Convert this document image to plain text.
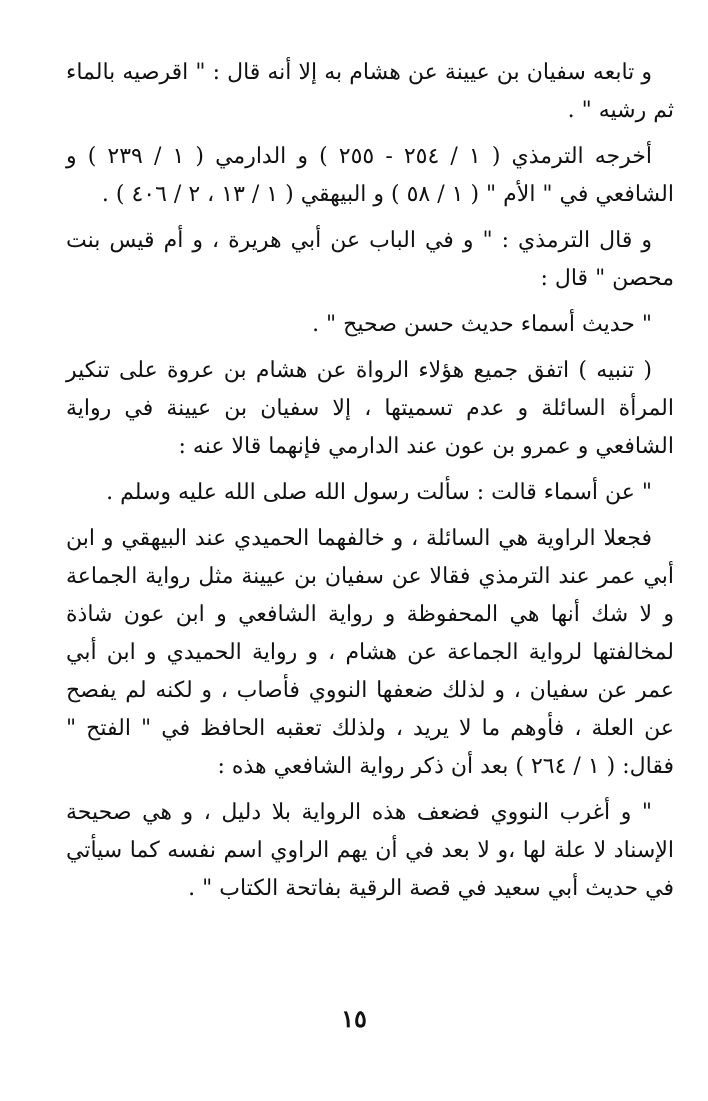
و تابعه سفيان بن عيينة عن هشام به إلا أنه قال : " اقرصيه بالماء ثم رشيه " .

أخرجه الترمذي ( ١ / ٢٥٤ - ٢٥٥ ) و الدارمي ( ١ / ٢٣٩ ) و الشافعي في " الأم " ( ١ / ٥٨ ) و البيهقي ( ١ / ١٣ ، ٢ / ٤٠٦ ) .

و قال الترمذي : " و في الباب عن أبي هريرة ، و أم قيس بنت محصن " قال :

" حديث أسماء حديث حسن صحيح " .

( تنبيه ) اتفق جميع هؤلاء الرواة عن هشام بن عروة على تنكير المرأة السائلة و عدم تسميتها ، إلا سفيان بن عيينة في رواية الشافعي و عمرو بن عون عند الدارمي فإنهما قالا عنه :

" عن أسماء قالت : سألت رسول الله صلى الله عليه وسلم .

فجعلا الراوية هي السائلة ، و خالفهما الحميدي عند البيهقي و ابن أبي عمر عند الترمذي فقالا عن سفيان بن عيينة مثل رواية الجماعة و لا شك أنها هي المحفوظة و رواية الشافعي و ابن عون شاذة لمخالفتها لرواية الجماعة عن هشام ، و رواية الحميدي و ابن أبي عمر عن سفيان ، و لذلك ضعفها النووي فأصاب ، و لكنه لم يفصح عن العلة ، فأوهم ما لا يريد ، ولذلك تعقبه الحافظ في " الفتح " فقال: ( ١ / ٢٦٤ ) بعد أن ذكر رواية الشافعي هذه :

" و أغرب النووي فضعف هذه الرواية بلا دليل ، و هي صحيحة الإسناد لا علة لها ،و لا بعد في أن يهم الراوي اسم نفسه كما سيأتي في حديث أبي سعيد في قصة الرقية بفاتحة الكتاب " .

١٥
